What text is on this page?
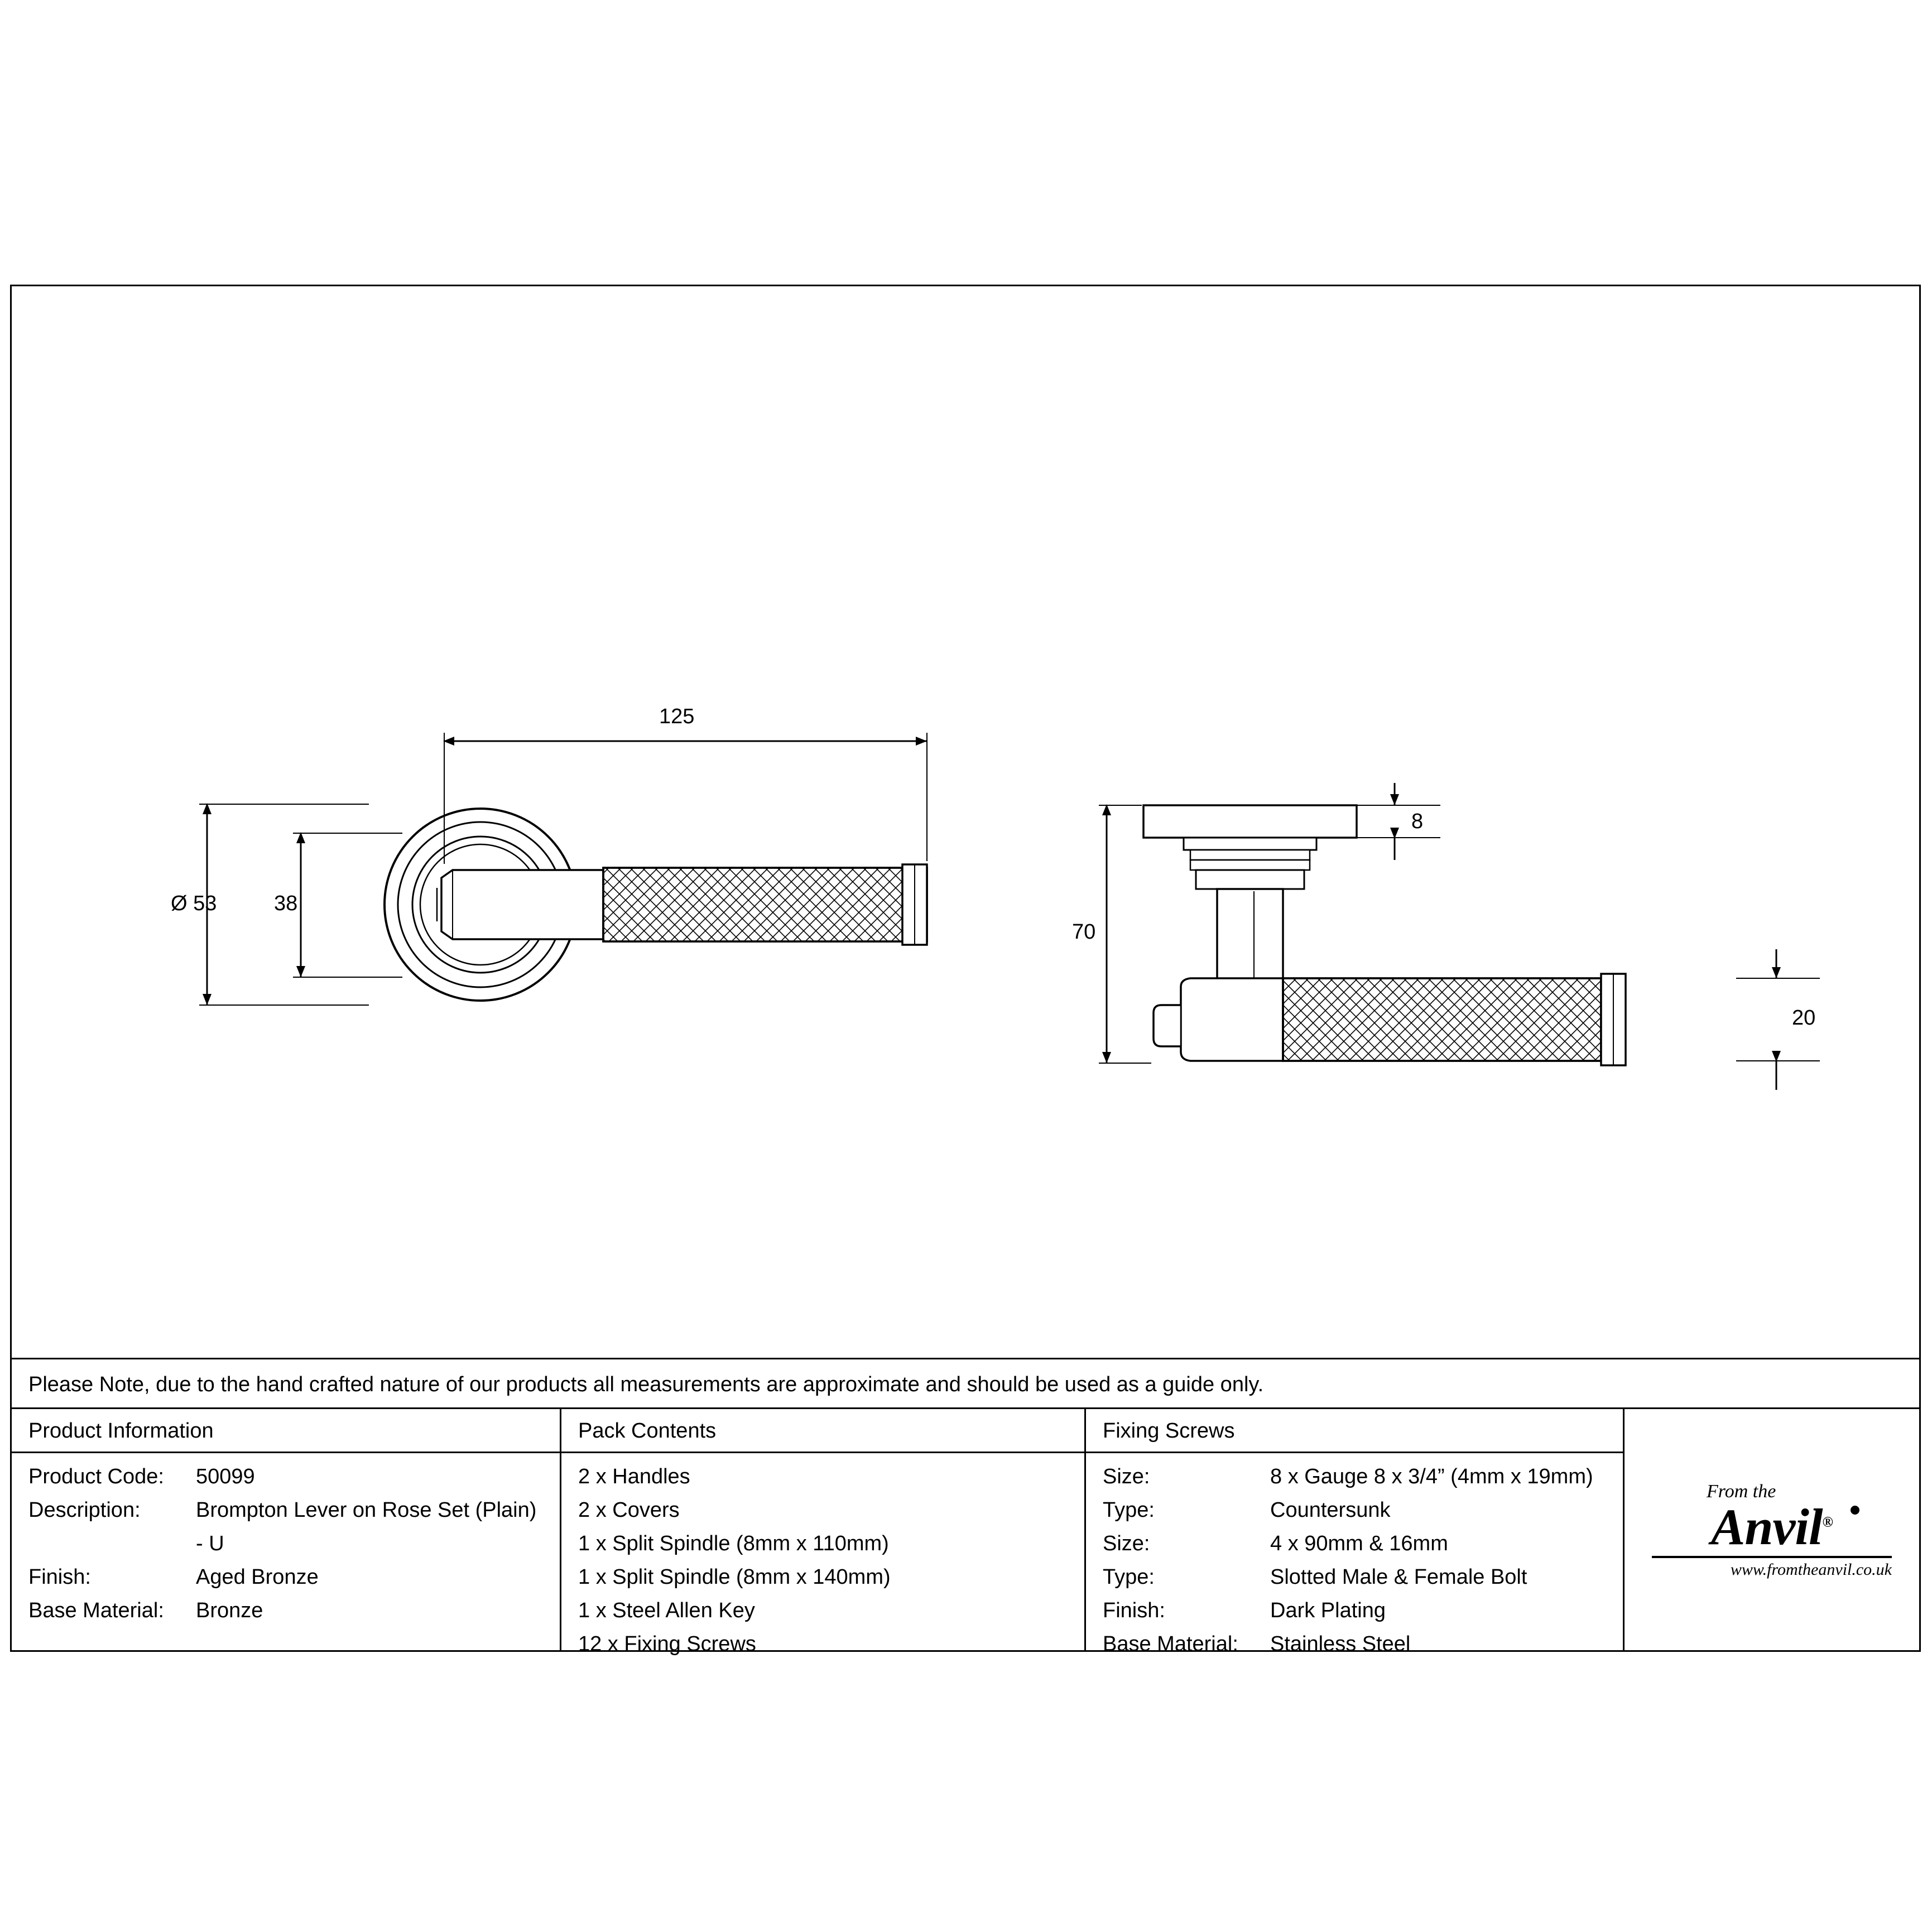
125
Ø 53	38
70
8
20
Please Note, due to the hand crafted nature of our products all measurements are approximate and should be used as a guide only.
Product Information
Product Code: 50099
Description:	Brompton Lever on Rose Set (Plain)
- U
Finish:	Aged Bronze
Base Material: Bronze
Pack Contents
2 x Handles
2 x Covers
1 x Split Spindle (8mm x 110mm)
1 x Split Spindle (8mm x 140mm)
1 x Steel Allen Key
12 x Fixing Screws
Fixing Screws
Size:	8 x Gauge 8 x 3/4” (4mm x 19mm)
Type:	Countersunk
Size:	4 x 90mm & 16mm
Type:	Slotted Male & Female Bolt
Finish:	Dark Plating
Base Material: Stainless Steel
From the
Anvil®
www.fromtheanvil.co.uk
